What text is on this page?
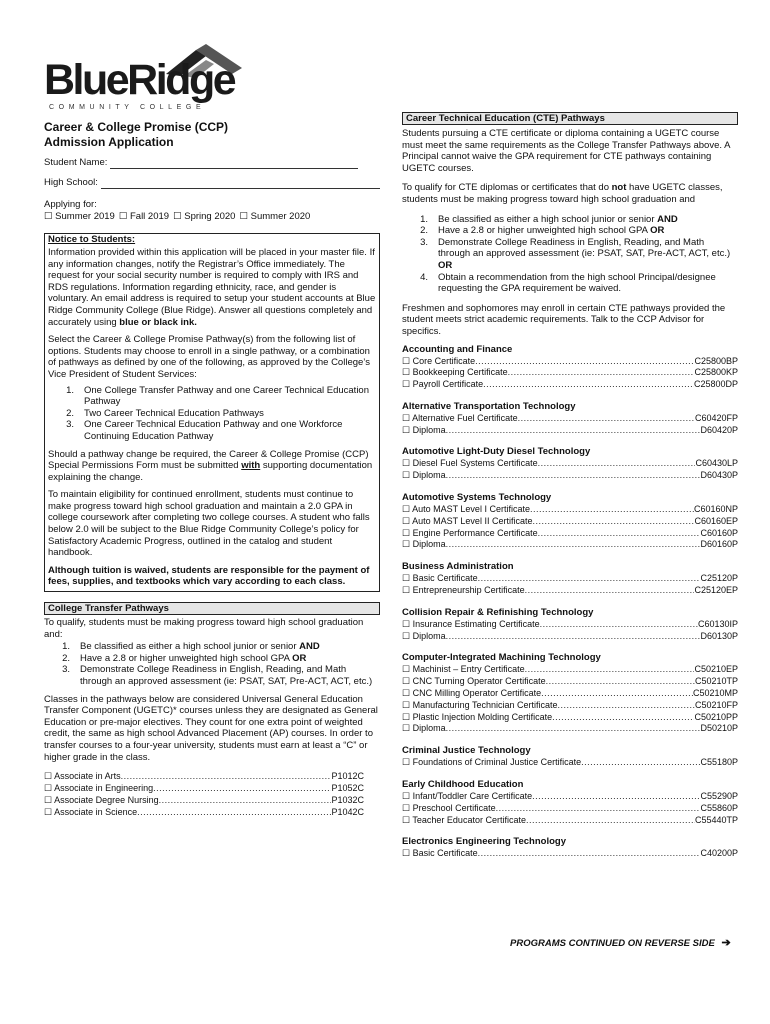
BlueRidge
COMMUNITY COLLEGE
Career & College Promise (CCP)
Admission Application
Student Name:
High School:
Applying for:
☐ Summer 2019 ☐ Fall 2019 ☐ Spring 2020 ☐ Summer 2020
Notice to Students:
Information provided within this application will be placed in your master file. If any information changes, notify the Registrar’s Office immediately. The request for your social security number is required to comply with IRS and RDS regulations. Information regarding ethnicity, race, and gender is voluntary. An email address is required to setup your student accounts at Blue Ridge Community College (Blue Ridge). Answer all questions completely and accurately using blue or black ink.
Select the Career & College Promise Pathway(s) from the following list of options. Students may choose to enroll in a single pathway, or a combination of pathways as defined by one of the following, as approved by the College’s Vice President of Student Services:
1.	One College Transfer Pathway and one Career Technical Education Pathway
2.	Two Career Technical Education Pathways
3.	One Career Technical Education Pathway and one Workforce Continuing Education Pathway
Should a pathway change be required, the Career & College Promise (CCP) Special Permissions Form must be submitted with supporting documentation explaining the change.
To maintain eligibility for continued enrollment, students must continue to make progress toward high school graduation and maintain a 2.0 GPA in college coursework after completing two college courses. A student who falls below 2.0 will be subject to the Blue Ridge Community College’s policy for Satisfactory Academic Progress, outlined in the catalog and student handbook.
Although tuition is waived, students are responsible for the payment of fees, supplies, and textbooks which vary according to each class.
College Transfer Pathways
To qualify, students must be making progress toward high school graduation and:
1.	Be classified as either a high school junior or senior AND
2.	Have a 2.8 or higher unweighted high school GPA OR
3.	Demonstrate College Readiness in English, Reading, and Math through an approved assessment (ie: PSAT, SAT, Pre-ACT, ACT, etc.)
Classes in the pathways below are considered Universal General Education Transfer Component (UGETC)* courses unless they are designated as General Education or pre-major electives. They count for one extra point of weighted credit, the same as high school Advanced Placement (AP) courses. In order to transfer courses to a four-year university, students must earn at least a “C” or higher grade in the class.
☐ Associate in Arts .....	P1012C
☐ Associate in Engineering .....	P1052C
☐ Associate Degree Nursing .....	P1032C
☐ Associate in Science .....	P1042C
Career Technical Education (CTE) Pathways
Students pursuing a CTE certificate or diploma containing a UGETC course must meet the same requirements as the College Transfer Pathways above. A Principal cannot waive the GPA requirement for CTE pathways containing UGETC courses.
To qualify for CTE diplomas or certificates that do not have UGETC classes, students must be making progress toward high school graduation and
1.	Be classified as either a high school junior or senior AND
2.	Have a 2.8 or higher unweighted high school GPA OR
3.	Demonstrate College Readiness in English, Reading, and Math through an approved assessment (ie: PSAT, SAT, Pre-ACT, ACT, etc.) OR
4.	Obtain a recommendation from the high school Principal/designee requesting the GPA requirement be waived.
Freshmen and sophomores may enroll in certain CTE pathways provided the student meets strict academic requirements. Talk to the CCP Advisor for specifics.
Accounting and Finance
☐ Core Certificate .....	C25800BP
☐ Bookkeeping Certificate .....	C25800KP
☐ Payroll Certificate .....	C25800DP
Alternative Transportation Technology
☐ Alternative Fuel Certificate .....	C60420FP
☐ Diploma .....	D60420P
Automotive Light-Duty Diesel Technology
☐ Diesel Fuel Systems Certificate .....	C60430LP
☐ Diploma .....	D60430P
Automotive Systems Technology
☐ Auto MAST Level I Certificate .....	C60160NP
☐ Auto MAST Level II Certificate .....	C60160EP
☐ Engine Performance Certificate .....	C60160P
☐ Diploma .....	D60160P
Business Administration
☐ Basic Certificate .....	C25120P
☐ Entrepreneurship Certificate .....	C25120EP
Collision Repair & Refinishing Technology
☐ Insurance Estimating Certificate .....	C60130IP
☐ Diploma .....	D60130P
Computer-Integrated Machining Technology
☐ Machinist – Entry Certificate .....	C50210EP
☐ CNC Turning Operator Certificate .....	C50210TP
☐ CNC Milling Operator Certificate .....	C50210MP
☐ Manufacturing Technician Certificate .....	C50210FP
☐ Plastic Injection Molding Certificate .....	C50210PP
☐ Diploma .....	D50210P
Criminal Justice Technology
☐ Foundations of Criminal Justice Certificate .....	C55180P
Early Childhood Education
☐ Infant/Toddler Care Certificate .....	C55290P
☐ Preschool Certificate .....	C55860P
☐ Teacher Educator Certificate .....	C55440TP
Electronics Engineering Technology
☐ Basic Certificate .....	C40200P
PROGRAMS CONTINUED ON REVERSE SIDE ➔
